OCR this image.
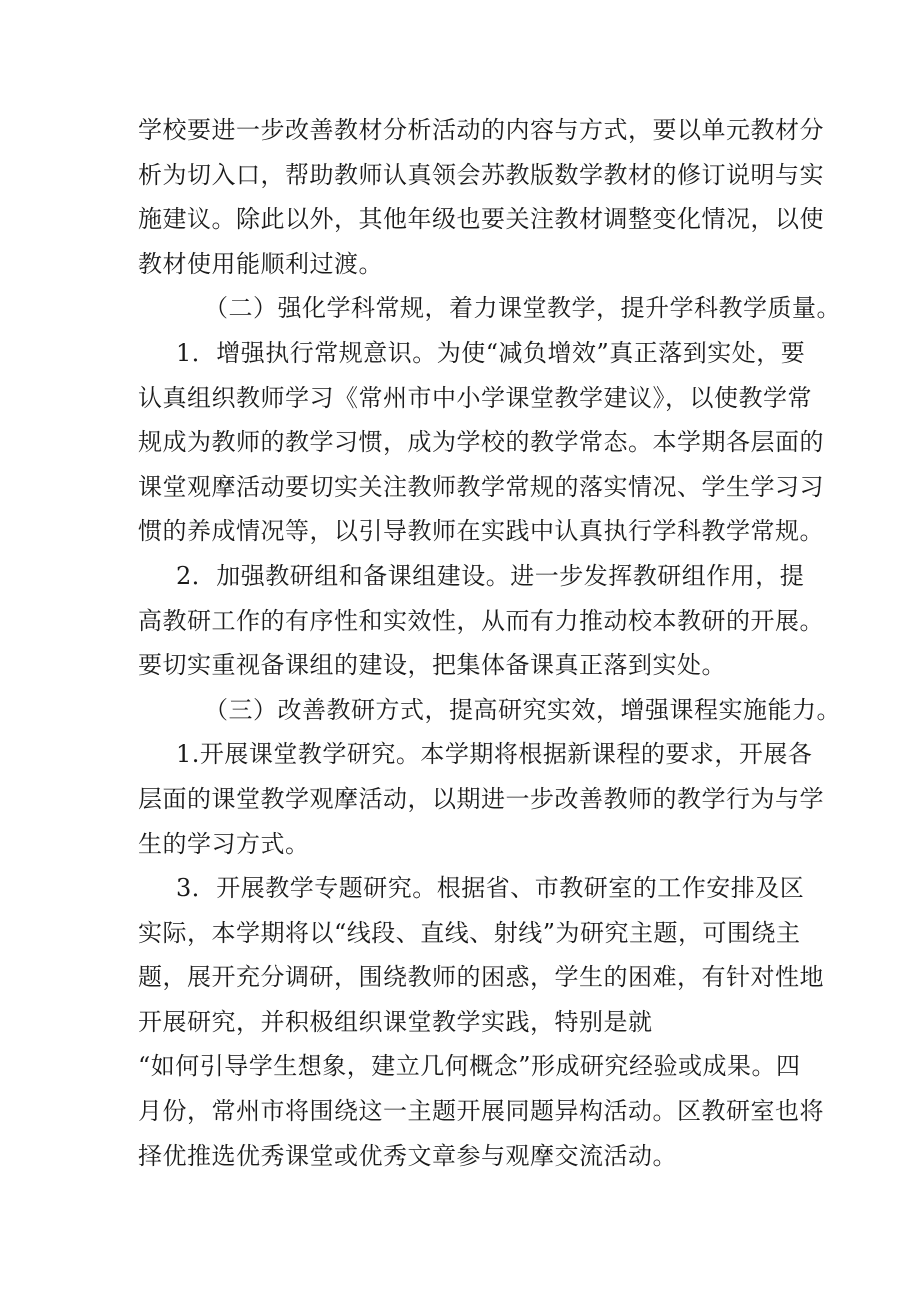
学校要进一步改善教材分析活动的内容与方式，要以单元教材分
析为切入口，帮助教师认真领会苏教版数学教材的修订说明与实
施建议。除此以外，其他年级也要关注教材调整变化情况，以使
教材使用能顺利过渡。
（二）强化学科常规，着力课堂教学，提升学科教学质量。
1．增强执行常规意识。为使“减负增效”真正落到实处，要
认真组织教师学习《常州市中小学课堂教学建议》，以使教学常
规成为教师的教学习惯，成为学校的教学常态。本学期各层面的
课堂观摩活动要切实关注教师教学常规的落实情况、学生学习习
惯的养成情况等，以引导教师在实践中认真执行学科教学常规。
2．加强教研组和备课组建设。进一步发挥教研组作用，提
高教研工作的有序性和实效性，从而有力推动校本教研的开展。
要切实重视备课组的建设，把集体备课真正落到实处。
（三）改善教研方式，提高研究实效，增强课程实施能力。
1.开展课堂教学研究。本学期将根据新课程的要求，开展各
层面的课堂教学观摩活动，以期进一步改善教师的教学行为与学
生的学习方式。
3．开展教学专题研究。根据省、市教研室的工作安排及区
实际，本学期将以“线段、直线、射线”为研究主题，可围绕主
题，展开充分调研，围绕教师的困惑，学生的困难，有针对性地
开展研究，并积极组织课堂教学实践，特别是就
“如何引导学生想象，建立几何概念”形成研究经验或成果。四
月份，常州市将围绕这一主题开展同题异构活动。区教研室也将
择优推选优秀课堂或优秀文章参与观摩交流活动。
